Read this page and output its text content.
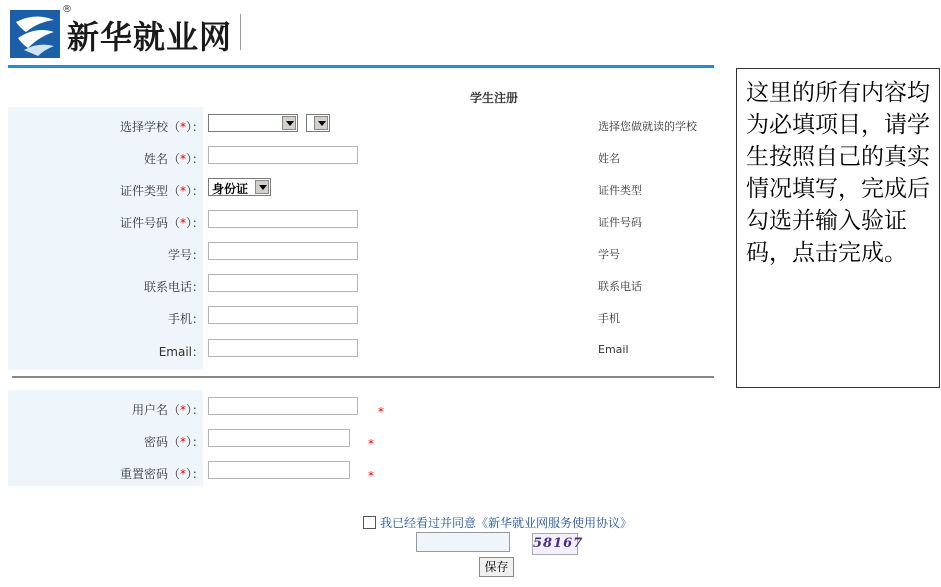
®
新华就业网
学生注册
选择学校（*）：
	选择您做就读的学校
姓名（*）：	姓名
证件类型（*）： 身份证	证件类型
证件号码（*）：	证件号码
学号：	学号
联系电话：	联系电话
手机：	手机
Email：	Email
用户名（*）：	*
密码（*）：	*
重置密码（*）：	*
我已经看过并同意《新华就业网服务使用协议》
58167
保存
这里的所有内容均为必填项目，请学生按照自己的真实情况填写，完成后勾选并输入验证码，点击完成。
